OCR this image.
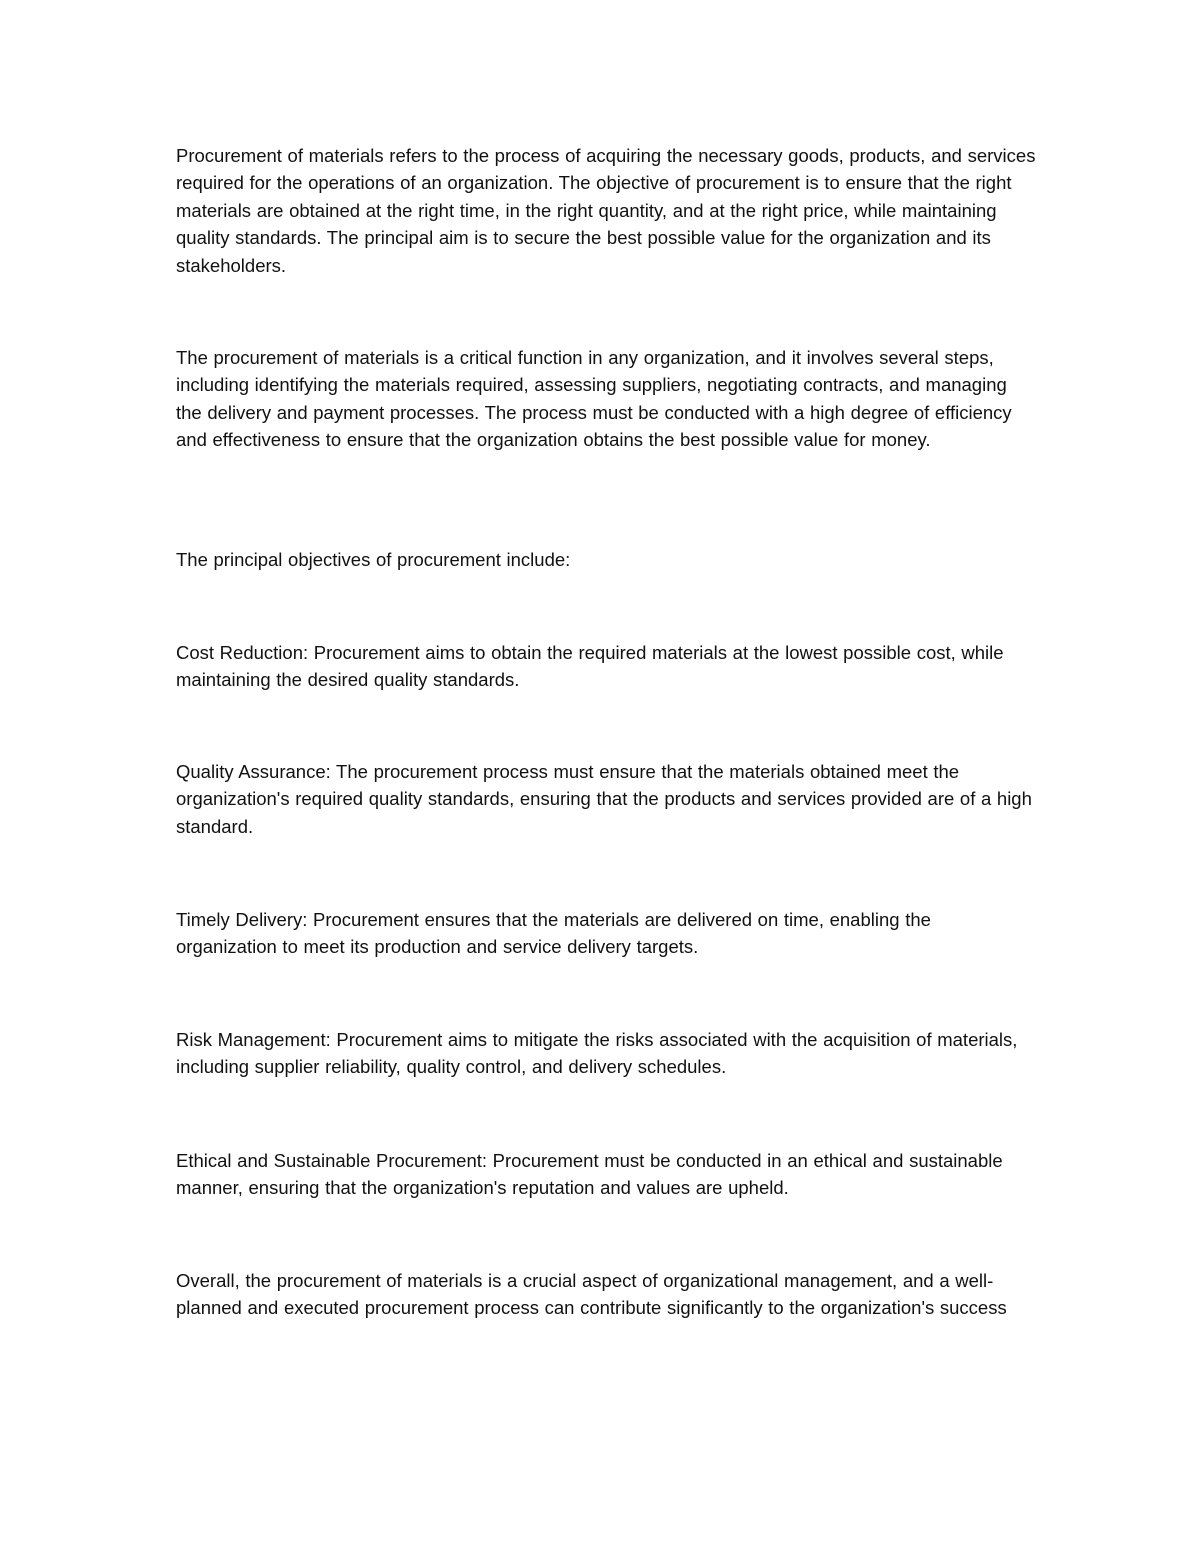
Procurement of materials refers to the process of acquiring the necessary goods, products, and services required for the operations of an organization. The objective of procurement is to ensure that the right materials are obtained at the right time, in the right quantity, and at the right price, while maintaining quality standards. The principal aim is to secure the best possible value for the organization and its stakeholders.

The procurement of materials is a critical function in any organization, and it involves several steps, including identifying the materials required, assessing suppliers, negotiating contracts, and managing the delivery and payment processes. The process must be conducted with a high degree of efficiency and effectiveness to ensure that the organization obtains the best possible value for money.

The principal objectives of procurement include:

Cost Reduction: Procurement aims to obtain the required materials at the lowest possible cost, while maintaining the desired quality standards.

Quality Assurance: The procurement process must ensure that the materials obtained meet the organization's required quality standards, ensuring that the products and services provided are of a high standard.

Timely Delivery: Procurement ensures that the materials are delivered on time, enabling the organization to meet its production and service delivery targets.

Risk Management: Procurement aims to mitigate the risks associated with the acquisition of materials, including supplier reliability, quality control, and delivery schedules.

Ethical and Sustainable Procurement: Procurement must be conducted in an ethical and sustainable manner, ensuring that the organization's reputation and values are upheld.

Overall, the procurement of materials is a crucial aspect of organizational management, and a well-planned and executed procurement process can contribute significantly to the organization's success
